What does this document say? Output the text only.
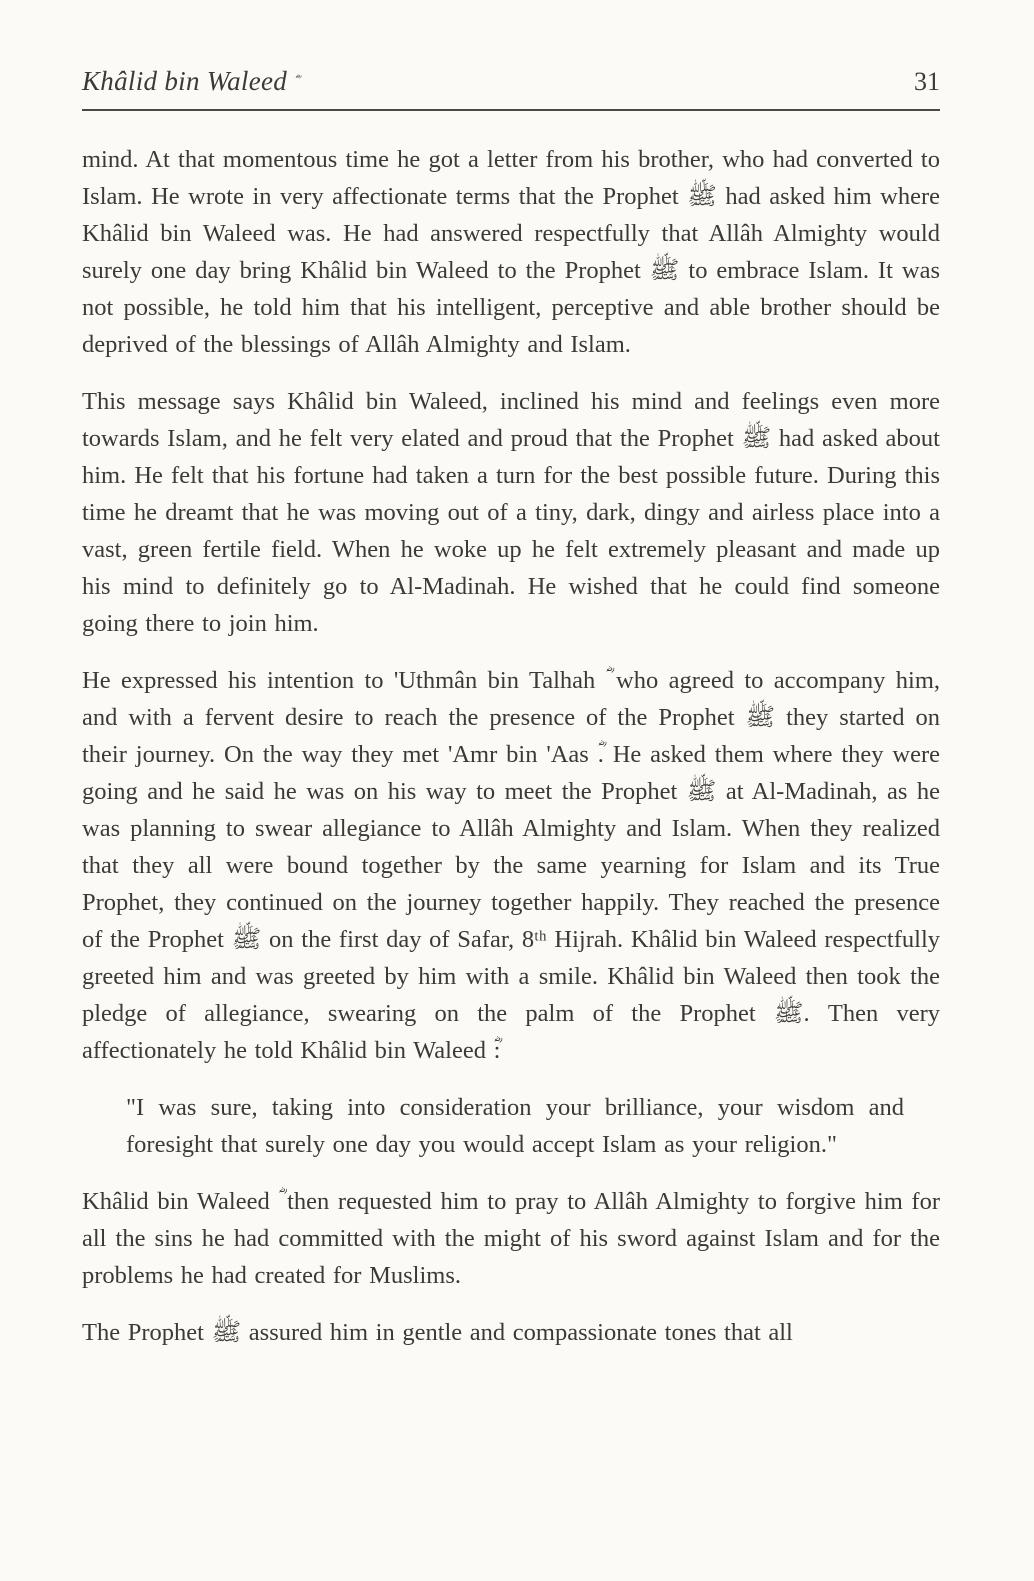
Khâlid bin Waleed	31

mind. At that momentous time he got a letter from his brother, who had converted to Islam. He wrote in very affectionate terms that the Prophet ﷺ had asked him where Khâlid bin Waleed was. He had answered respectfully that Allâh Almighty would surely one day bring Khâlid bin Waleed to the Prophet ﷺ to embrace Islam. It was not possible, he told him that his intelligent, perceptive and able brother should be deprived of the blessings of Allâh Almighty and Islam.

This message says Khâlid bin Waleed, inclined his mind and feelings even more towards Islam, and he felt very elated and proud that the Prophet ﷺ had asked about him. He felt that his fortune had taken a turn for the best possible future. During this time he dreamt that he was moving out of a tiny, dark, dingy and airless place into a vast, green fertile field. When he woke up he felt extremely pleasant and made up his mind to definitely go to Al-Madinah. He wished that he could find someone going there to join him.

He expressed his intention to 'Uthmân bin Talhah ؓ who agreed to accompany him, and with a fervent desire to reach the presence of the Prophet ﷺ they started on their journey. On the way they met 'Amr bin 'Aas ؓ. He asked them where they were going and he said he was on his way to meet the Prophet ﷺ at Al-Madinah, as he was planning to swear allegiance to Allâh Almighty and Islam. When they realized that they all were bound together by the same yearning for Islam and its True Prophet, they continued on the journey together happily. They reached the presence of the Prophet ﷺ on the first day of Safar, 8ᵗʰ Hijrah. Khâlid bin Waleed respectfully greeted him and was greeted by him with a smile. Khâlid bin Waleed then took the pledge of allegiance, swearing on the palm of the Prophet ﷺ. Then very affectionately he told Khâlid bin Waleed ؓ:

"I was sure, taking into consideration your brilliance, your wisdom and foresight that surely one day you would accept Islam as your religion."

Khâlid bin Waleed ؓ then requested him to pray to Allâh Almighty to forgive him for all the sins he had committed with the might of his sword against Islam and for the problems he had created for Muslims.

The Prophet ﷺ assured him in gentle and compassionate tones that all
